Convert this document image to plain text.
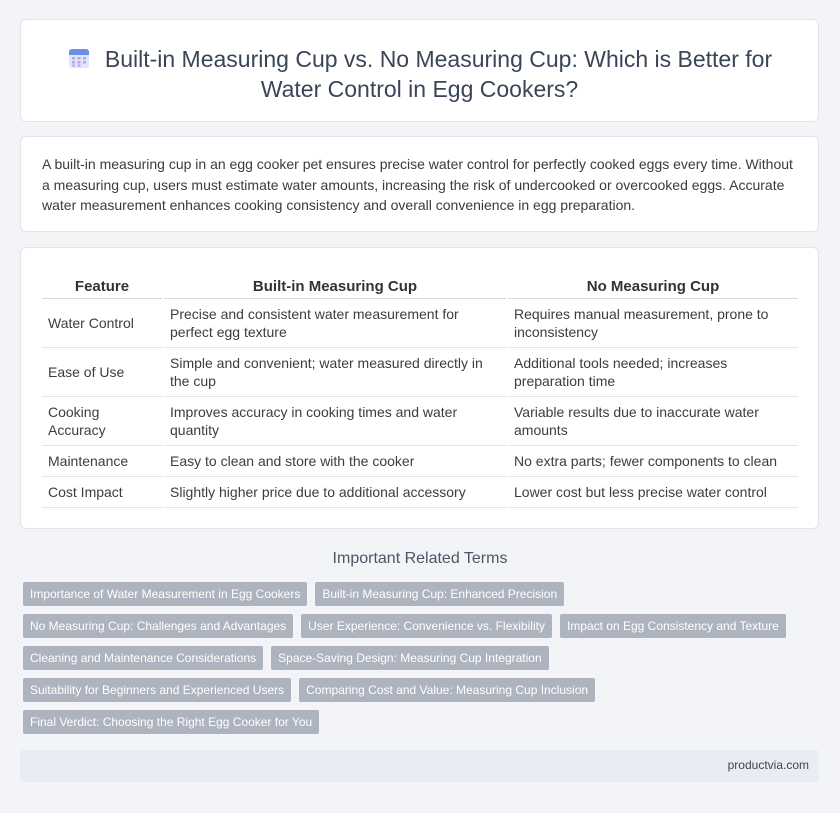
Built-in Measuring Cup vs. No Measuring Cup: Which is Better for Water Control in Egg Cookers?

A built-in measuring cup in an egg cooker pet ensures precise water control for perfectly cooked eggs every time. Without a measuring cup, users must estimate water amounts, increasing the risk of undercooked or overcooked eggs. Accurate water measurement enhances cooking consistency and overall convenience in egg preparation.

Feature		Built-in Measuring Cup		No Measuring Cup
Water Control		Precise and consistent water measurement for perfect egg texture		Requires manual measurement, prone to inconsistency
Ease of Use		Simple and convenient; water measured directly in the cup		Additional tools needed; increases preparation time
Cooking Accuracy		Improves accuracy in cooking times and water quantity		Variable results due to inaccurate water amounts
Maintenance		Easy to clean and store with the cooker		No extra parts; fewer components to clean
Cost Impact		Slightly higher price due to additional accessory		Lower cost but less precise water control
Important Related Terms
Importance of Water Measurement in Egg Cookers	Built-in Measuring Cup: Enhanced Precision
No Measuring Cup: Challenges and Advantages	User Experience: Convenience vs. Flexibility	Impact on Egg Consistency and Texture
Cleaning and Maintenance Considerations	Space-Saving Design: Measuring Cup Integration
Suitability for Beginners and Experienced Users	Comparing Cost and Value: Measuring Cup Inclusion
Final Verdict: Choosing the Right Egg Cooker for You
productvia.com
